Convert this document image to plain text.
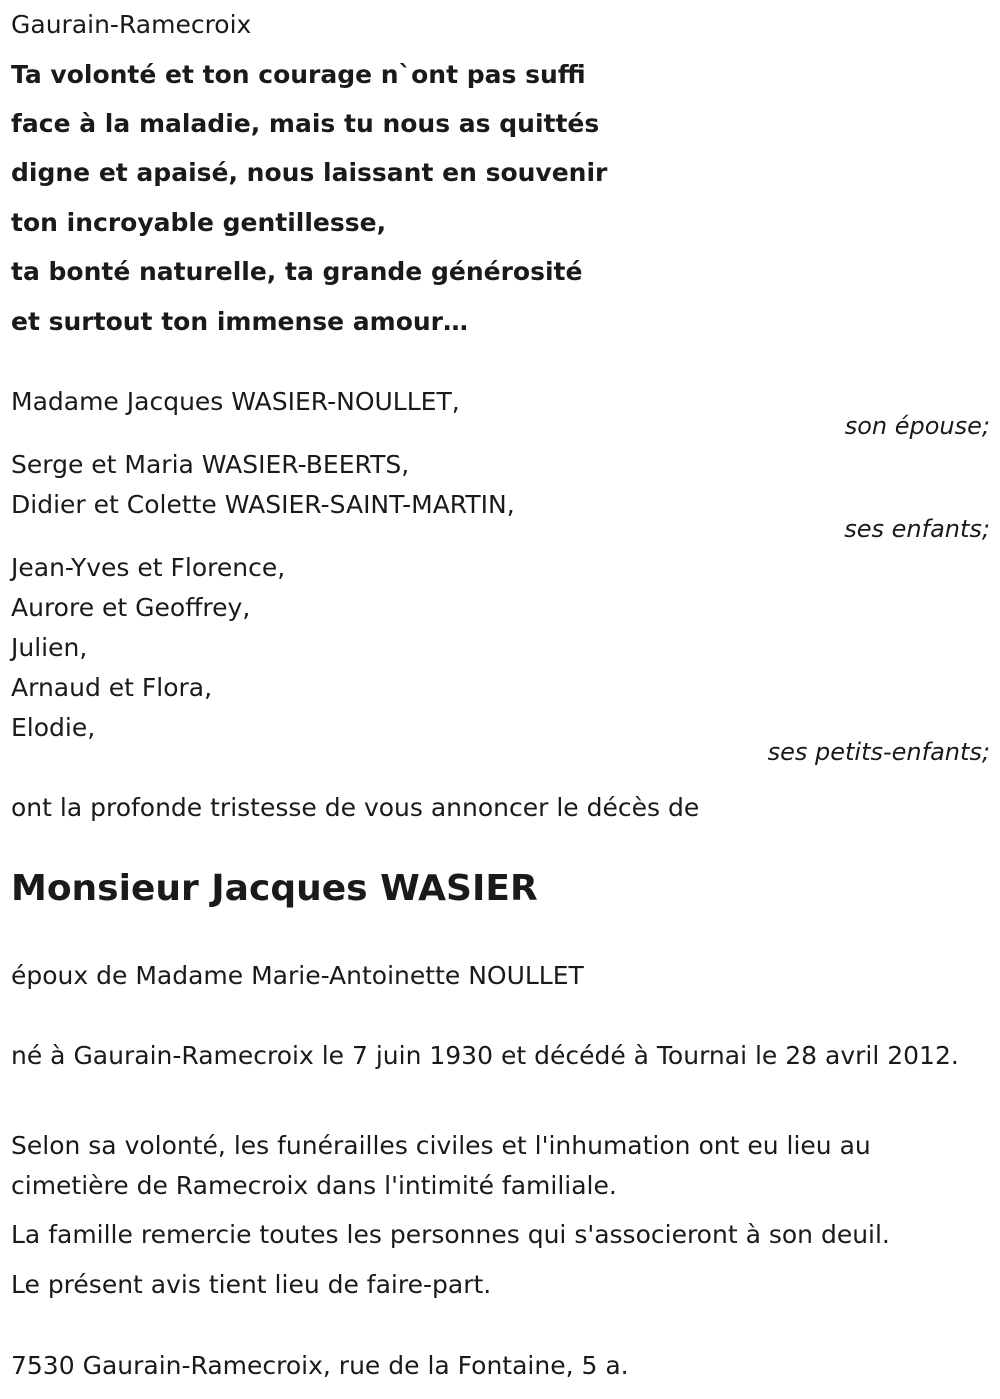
Gaurain-Ramecroix
Ta volonté et ton courage n`ont pas suffi
face à la maladie, mais tu nous as quittés
digne et apaisé, nous laissant en souvenir
ton incroyable gentillesse,
ta bonté naturelle, ta grande générosité
et surtout ton immense amour…
Madame Jacques WASIER-NOULLET,
son épouse;
Serge et Maria WASIER-BEERTS,
Didier et Colette WASIER-SAINT-MARTIN,
ses enfants;
Jean-Yves et Florence,
Aurore et Geoffrey,
Julien,
Arnaud et Flora,
Elodie,
ses petits-enfants;
ont la profonde tristesse de vous annoncer le décès de
Monsieur Jacques WASIER
époux de Madame Marie-Antoinette NOULLET
né à Gaurain-Ramecroix le 7 juin 1930 et décédé à Tournai le 28 avril 2012.
Selon sa volonté, les funérailles civiles et l'inhumation ont eu lieu au cimetière de Ramecroix dans l'intimité familiale.
La famille remercie toutes les personnes qui s'associeront à son deuil.
Le présent avis tient lieu de faire-part.
7530 Gaurain-Ramecroix, rue de la Fontaine, 5 a.
